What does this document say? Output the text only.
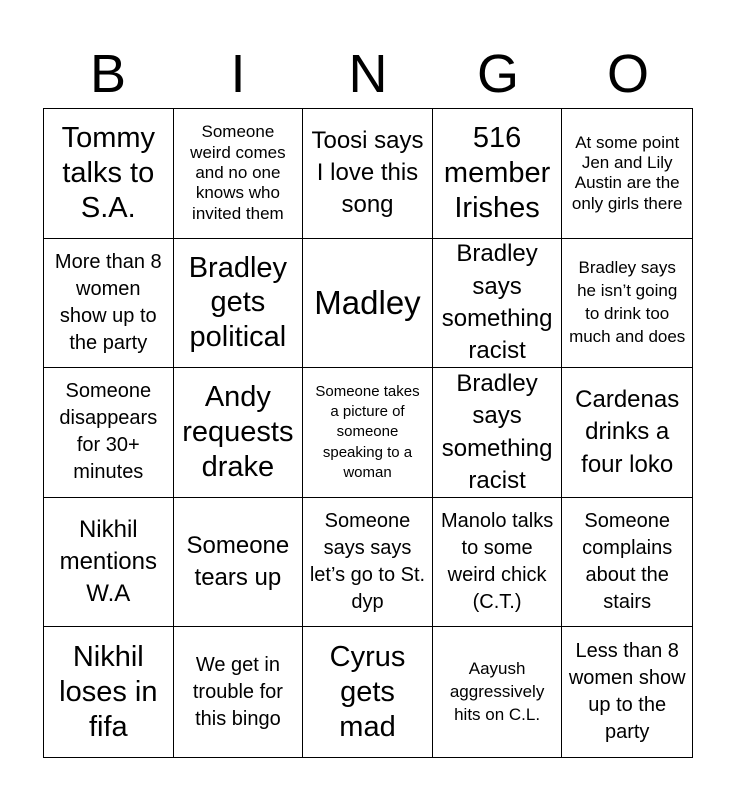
B	I	N	G	O
Tommy talks to S.A.
Someone weird comes and no one knows who invited them
Toosi says I love this song
516 member Irishes
At some point Jen and Lily Austin are the only girls there
More than 8 women show up to the party
Bradley gets political
Madley
Bradley says something racist
Bradley says he isn’t going to drink too much and does
Someone disappears for 30+ minutes
Andy requests drake
Someone takes a picture of someone speaking to a woman
Bradley says something racist
Cardenas drinks a four loko
Nikhil mentions W.A
Someone tears up
Someone says says let’s go to St. dyp
Manolo talks to some weird chick (C.T.)
Someone complains about the stairs
Nikhil loses in fifa
We get in trouble for this bingo
Cyrus gets mad
Aayush aggressively hits on C.L.
Less than 8 women show up to the party
